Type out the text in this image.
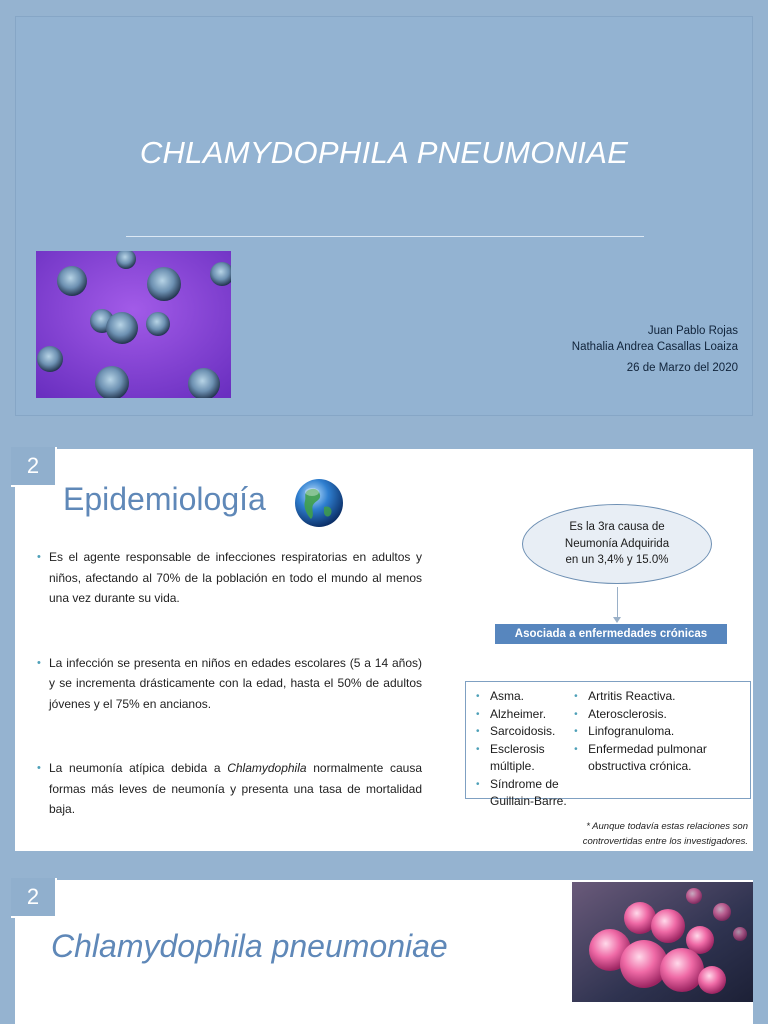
CHLAMYDOPHILA PNEUMONIAE
Juan Pablo Rojas
Nathalia Andrea Casallas Loaiza
26 de Marzo del 2020
2
Epidemiología

• Es el agente responsable de infecciones respiratorias en adultos y niños, afectando al 70% de la población en todo el mundo al menos una vez durante su vida.

• La infección se presenta en niños en edades escolares (5 a 14 años) y se incrementa drásticamente con la edad, hasta el 50% de adultos jóvenes y el 75% en ancianos.

• La neumonía atípica debida a Chlamydophila normalmente causa formas más leves de neumonía y presenta una tasa de mortalidad baja.

Es la 3ra causa de
Neumonía Adquirida
en un 3,4% y 15.0%
Asociada a enfermedades crónicas
• Asma.
• Alzheimer.
• Sarcoidosis.
• Esclerosis múltiple.
• Síndrome de Guillain-Barre.
• Artritis Reactiva.
• Aterosclerosis.
• Linfogranuloma.
• Enfermedad pulmonar obstructiva crónica.
* Aunque todavía estas relaciones son
controvertidas entre los investigadores.
2
Chlamydophila pneumoniae
